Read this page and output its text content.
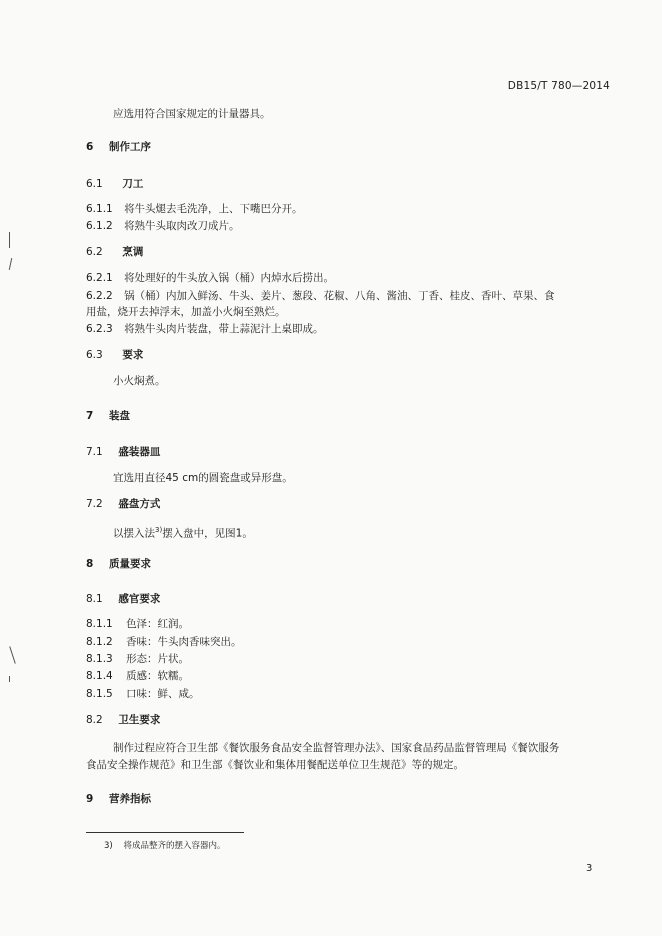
DB15/T 780—2014
应选用符合国家规定的计量器具。
6 制作工序
6.1 刀工
6.1.1 将牛头煺去毛洗净，上、下嘴巴分开。
6.1.2 将熟牛头取肉改刀成片。
6.2 烹调
6.2.1 将处理好的牛头放入锅（桶）内焯水后捞出。
6.2.2 锅（桶）内加入鲜汤、牛头、姜片、葱段、花椒、八角、酱油、丁香、桂皮、香叶、草果、食
用盐，烧开去掉浮末，加盖小火焖至熟烂。
6.2.3 将熟牛头肉片装盘，带上蒜泥汁上桌即成。
6.3 要求
小火焖煮。
7 装盘
7.1 盛装器皿
宜选用直径45 cm的圆瓷盘或异形盘。
7.2 盛盘方式
以摆入法$^{3)}$摆入盘中，见图1。
8 质量要求
8.1 感官要求
8.1.1 色泽：红润。
8.1.2 香味：牛头肉香味突出。
8.1.3 形态：片状。
8.1.4 质感：软糯。
8.1.5 口味：鲜、咸。
8.2 卫生要求
制作过程应符合卫生部《餐饮服务食品安全监督管理办法》、国家食品药品监督管理局《餐饮服务
食品安全操作规范》和卫生部《餐饮业和集体用餐配送单位卫生规范》等的规定。
9 营养指标
3) 将成品整齐的摆入容器内。
3
